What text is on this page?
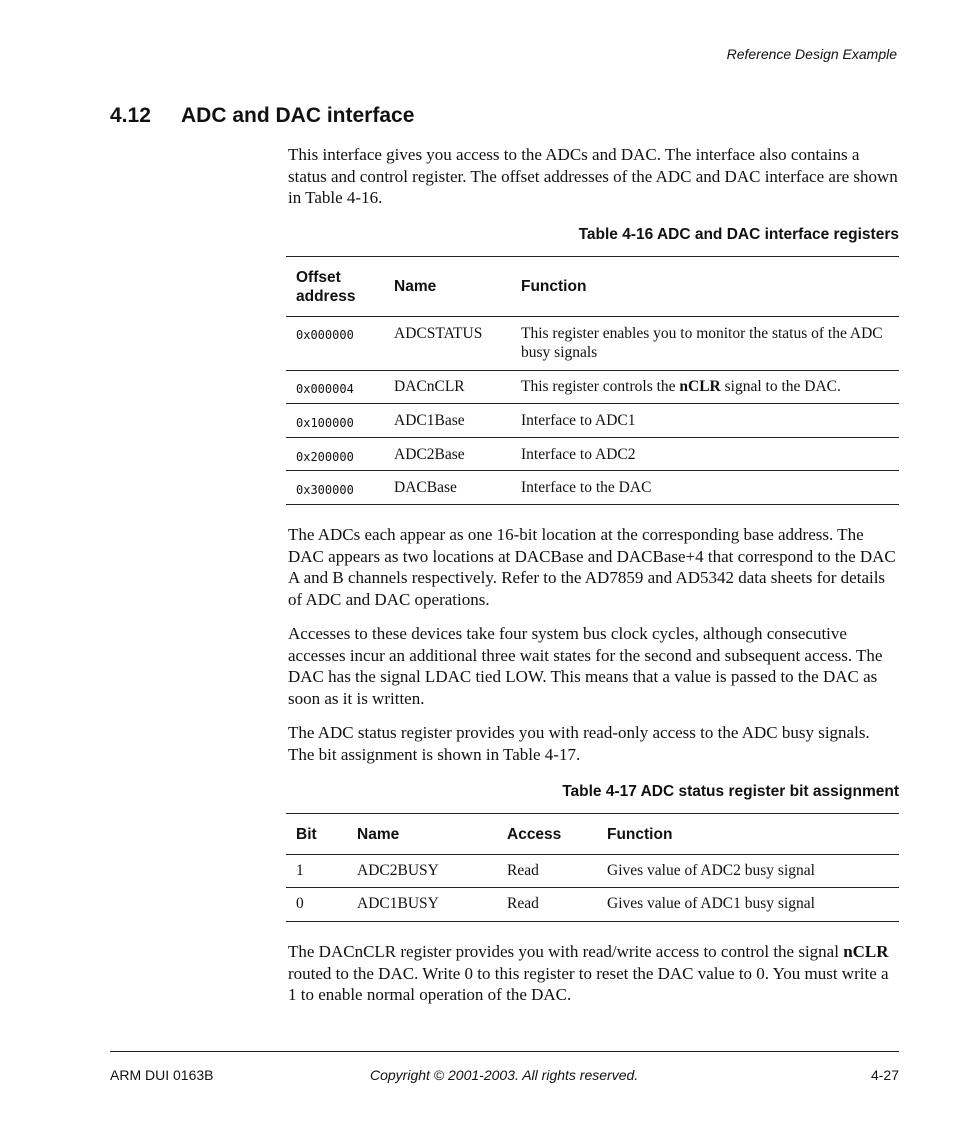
Reference Design Example
4.12 ADC and DAC interface

This interface gives you access to the ADCs and DAC. The interface also contains a status and control register. The offset addresses of the ADC and DAC interface are shown in Table 4-16.

Table 4-16 ADC and DAC interface registers
Offset
address	Name	Function
0x000000	ADCSTATUS	This register enables you to monitor the status of the ADC busy signals
0x000004	DACnCLR	This register controls the nCLR signal to the DAC.
0x100000	ADC1Base	Interface to ADC1
0x200000	ADC2Base	Interface to ADC2
0x300000	DACBase	Interface to the DAC

The ADCs each appear as one 16-bit location at the corresponding base address. The DAC appears as two locations at DACBase and DACBase+4 that correspond to the DAC A and B channels respectively. Refer to the AD7859 and AD5342 data sheets for details of ADC and DAC operations.

Accesses to these devices take four system bus clock cycles, although consecutive accesses incur an additional three wait states for the second and subsequent access. The DAC has the signal LDAC tied LOW. This means that a value is passed to the DAC as soon as it is written.

The ADC status register provides you with read-only access to the ADC busy signals. The bit assignment is shown in Table 4-17.

Table 4-17 ADC status register bit assignment
Bit	Name	Access	Function
1	ADC2BUSY	Read	Gives value of ADC2 busy signal
0	ADC1BUSY	Read	Gives value of ADC1 busy signal

The DACnCLR register provides you with read/write access to control the signal nCLR routed to the DAC. Write 0 to this register to reset the DAC value to 0. You must write a 1 to enable normal operation of the DAC.

ARM DUI 0163B	Copyright © 2001-2003. All rights reserved.	4-27
